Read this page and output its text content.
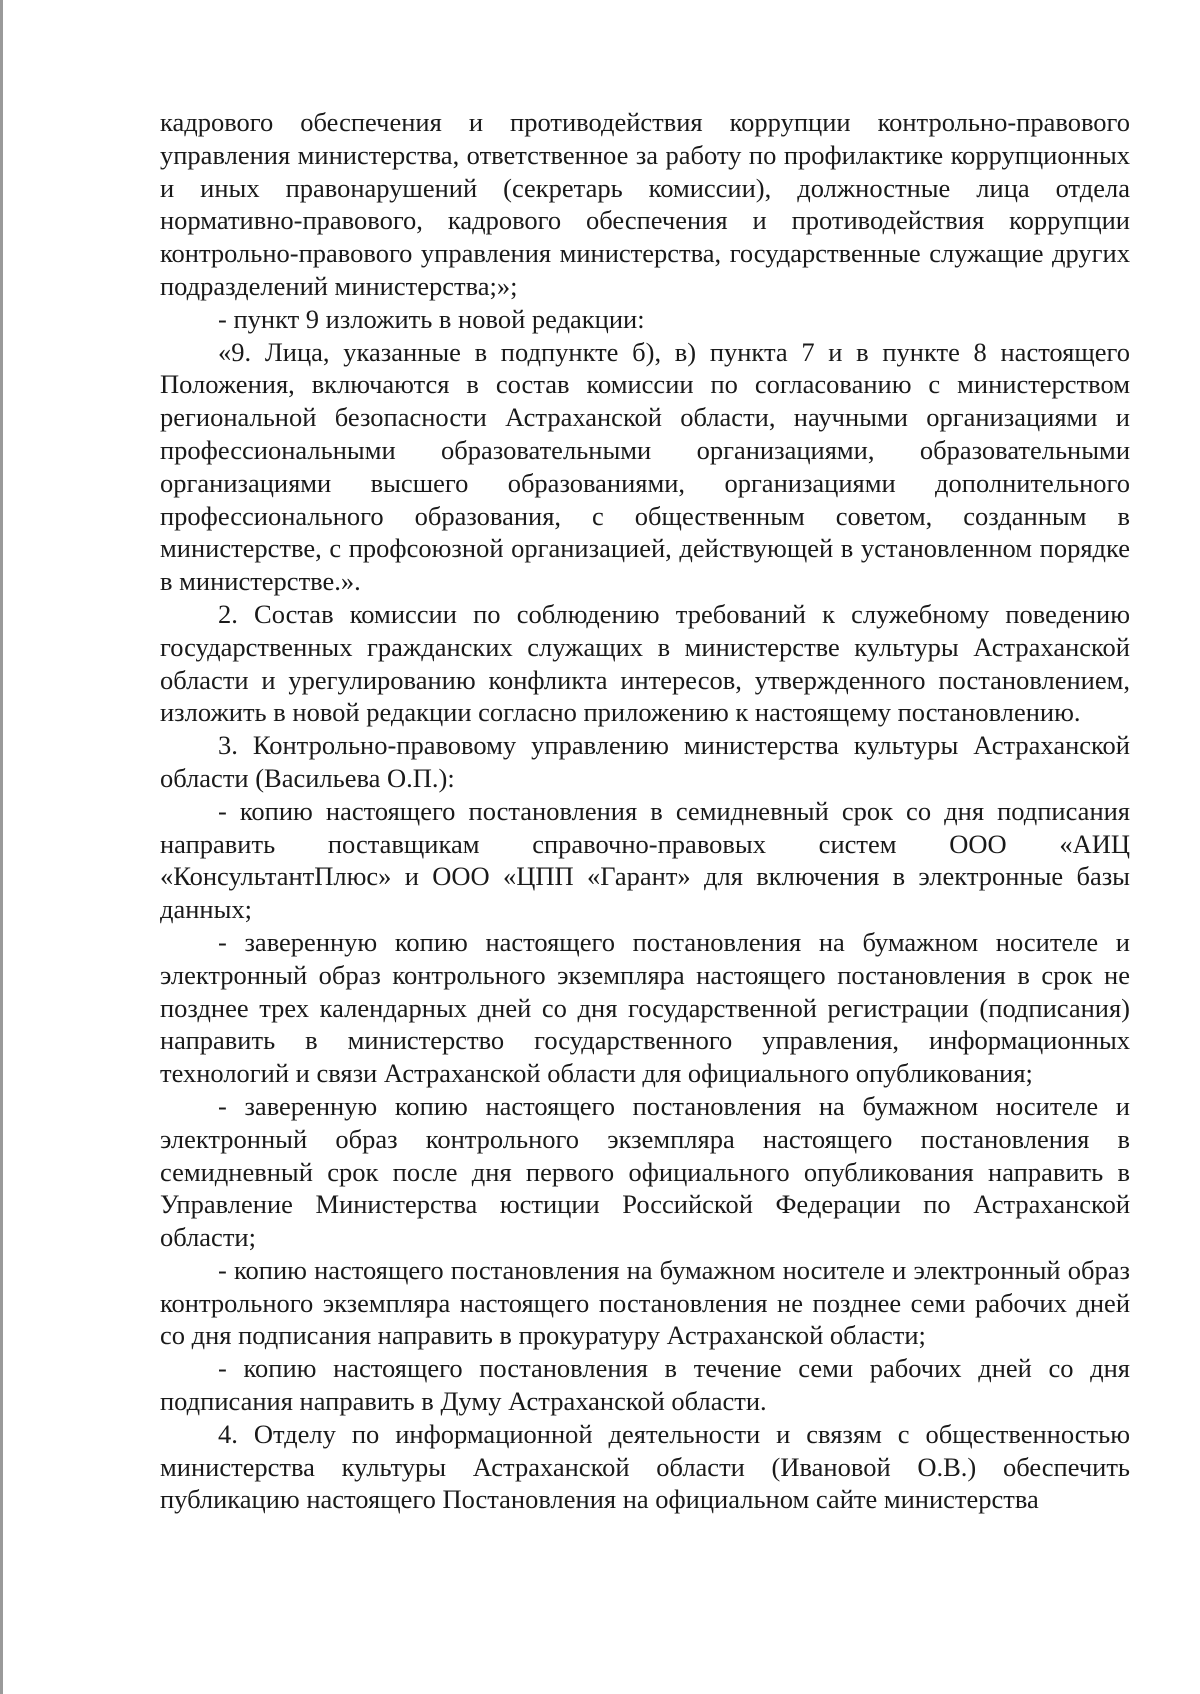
кадрового обеспечения и противодействия коррупции контрольно-правового управления министерства, ответственное за работу по профилактике коррупционных и иных правонарушений (секретарь комиссии), должностные лица отдела нормативно-правового, кадрового обеспечения и противодействия коррупции контрольно-правового управления министерства, государственные служащие других подразделений министерства;»;

- пункт 9 изложить в новой редакции:

«9. Лица, указанные в подпункте б), в) пункта 7 и в пункте 8 настоящего Положения, включаются в состав комиссии по согласованию с министерством региональной безопасности Астраханской области, научными организациями и профессиональными образовательными организациями, образовательными организациями высшего образованиями, организациями дополнительного профессионального образования, с общественным советом, созданным в министерстве, с профсоюзной организацией, действующей в установленном порядке в министерстве.».

2. Состав комиссии по соблюдению требований к служебному поведению государственных гражданских служащих в министерстве культуры Астраханской области и урегулированию конфликта интересов, утвержденного постановлением, изложить в новой редакции согласно приложению к настоящему постановлению.

3. Контрольно-правовому управлению министерства культуры Астраханской области (Васильева О.П.):

- копию настоящего постановления в семидневный срок со дня подписания направить поставщикам справочно-правовых систем ООО «АИЦ «КонсультантПлюс» и ООО «ЦПП «Гарант» для включения в электронные базы данных;

- заверенную копию настоящего постановления на бумажном носителе и электронный образ контрольного экземпляра настоящего постановления в срок не позднее трех календарных дней со дня государственной регистрации (подписания) направить в министерство государственного управления, информационных технологий и связи Астраханской области для официального опубликования;

- заверенную копию настоящего постановления на бумажном носителе и электронный образ контрольного экземпляра настоящего постановления в семидневный срок после дня первого официального опубликования направить в Управление Министерства юстиции Российской Федерации по Астраханской области;

- копию настоящего постановления на бумажном носителе и электронный образ контрольного экземпляра настоящего постановления не позднее семи рабочих дней со дня подписания направить в прокуратуру Астраханской области;

- копию настоящего постановления в течение семи рабочих дней со дня подписания направить в Думу Астраханской области.

4. Отделу по информационной деятельности и связям с общественностью министерства культуры Астраханской области (Ивановой О.В.) обеспечить публикацию настоящего Постановления на официальном сайте министерства
